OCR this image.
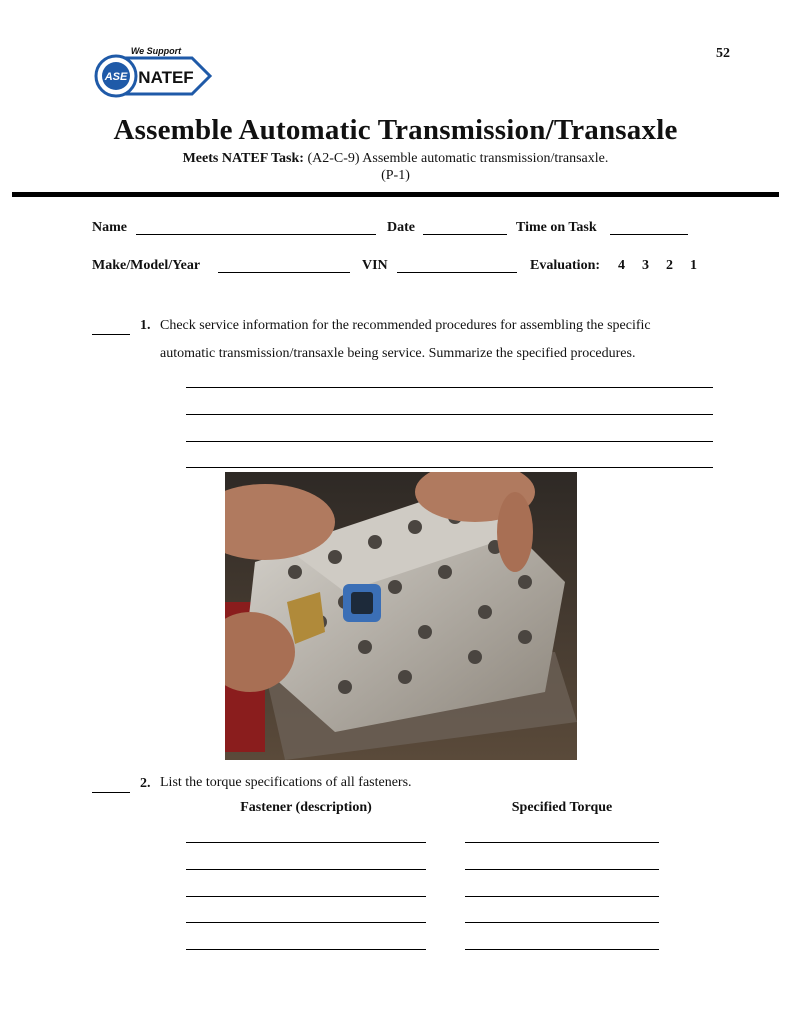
ASE NATEF
We Support	52
Assemble Automatic Transmission/Transaxle
Meets NATEF Task: (A2-C-9) Assemble automatic transmission/transaxle.
(P-1)
Name	Date	Time on Task
Make/Model/Year	VIN	Evaluation: 4 3 2 1
1. Check service information for the recommended procedures for assembling the specific
automatic transmission/transaxle being service. Summarize the specified procedures.
2. List the torque specifications of all fasteners.
Fastener (description)	Specified Torque
